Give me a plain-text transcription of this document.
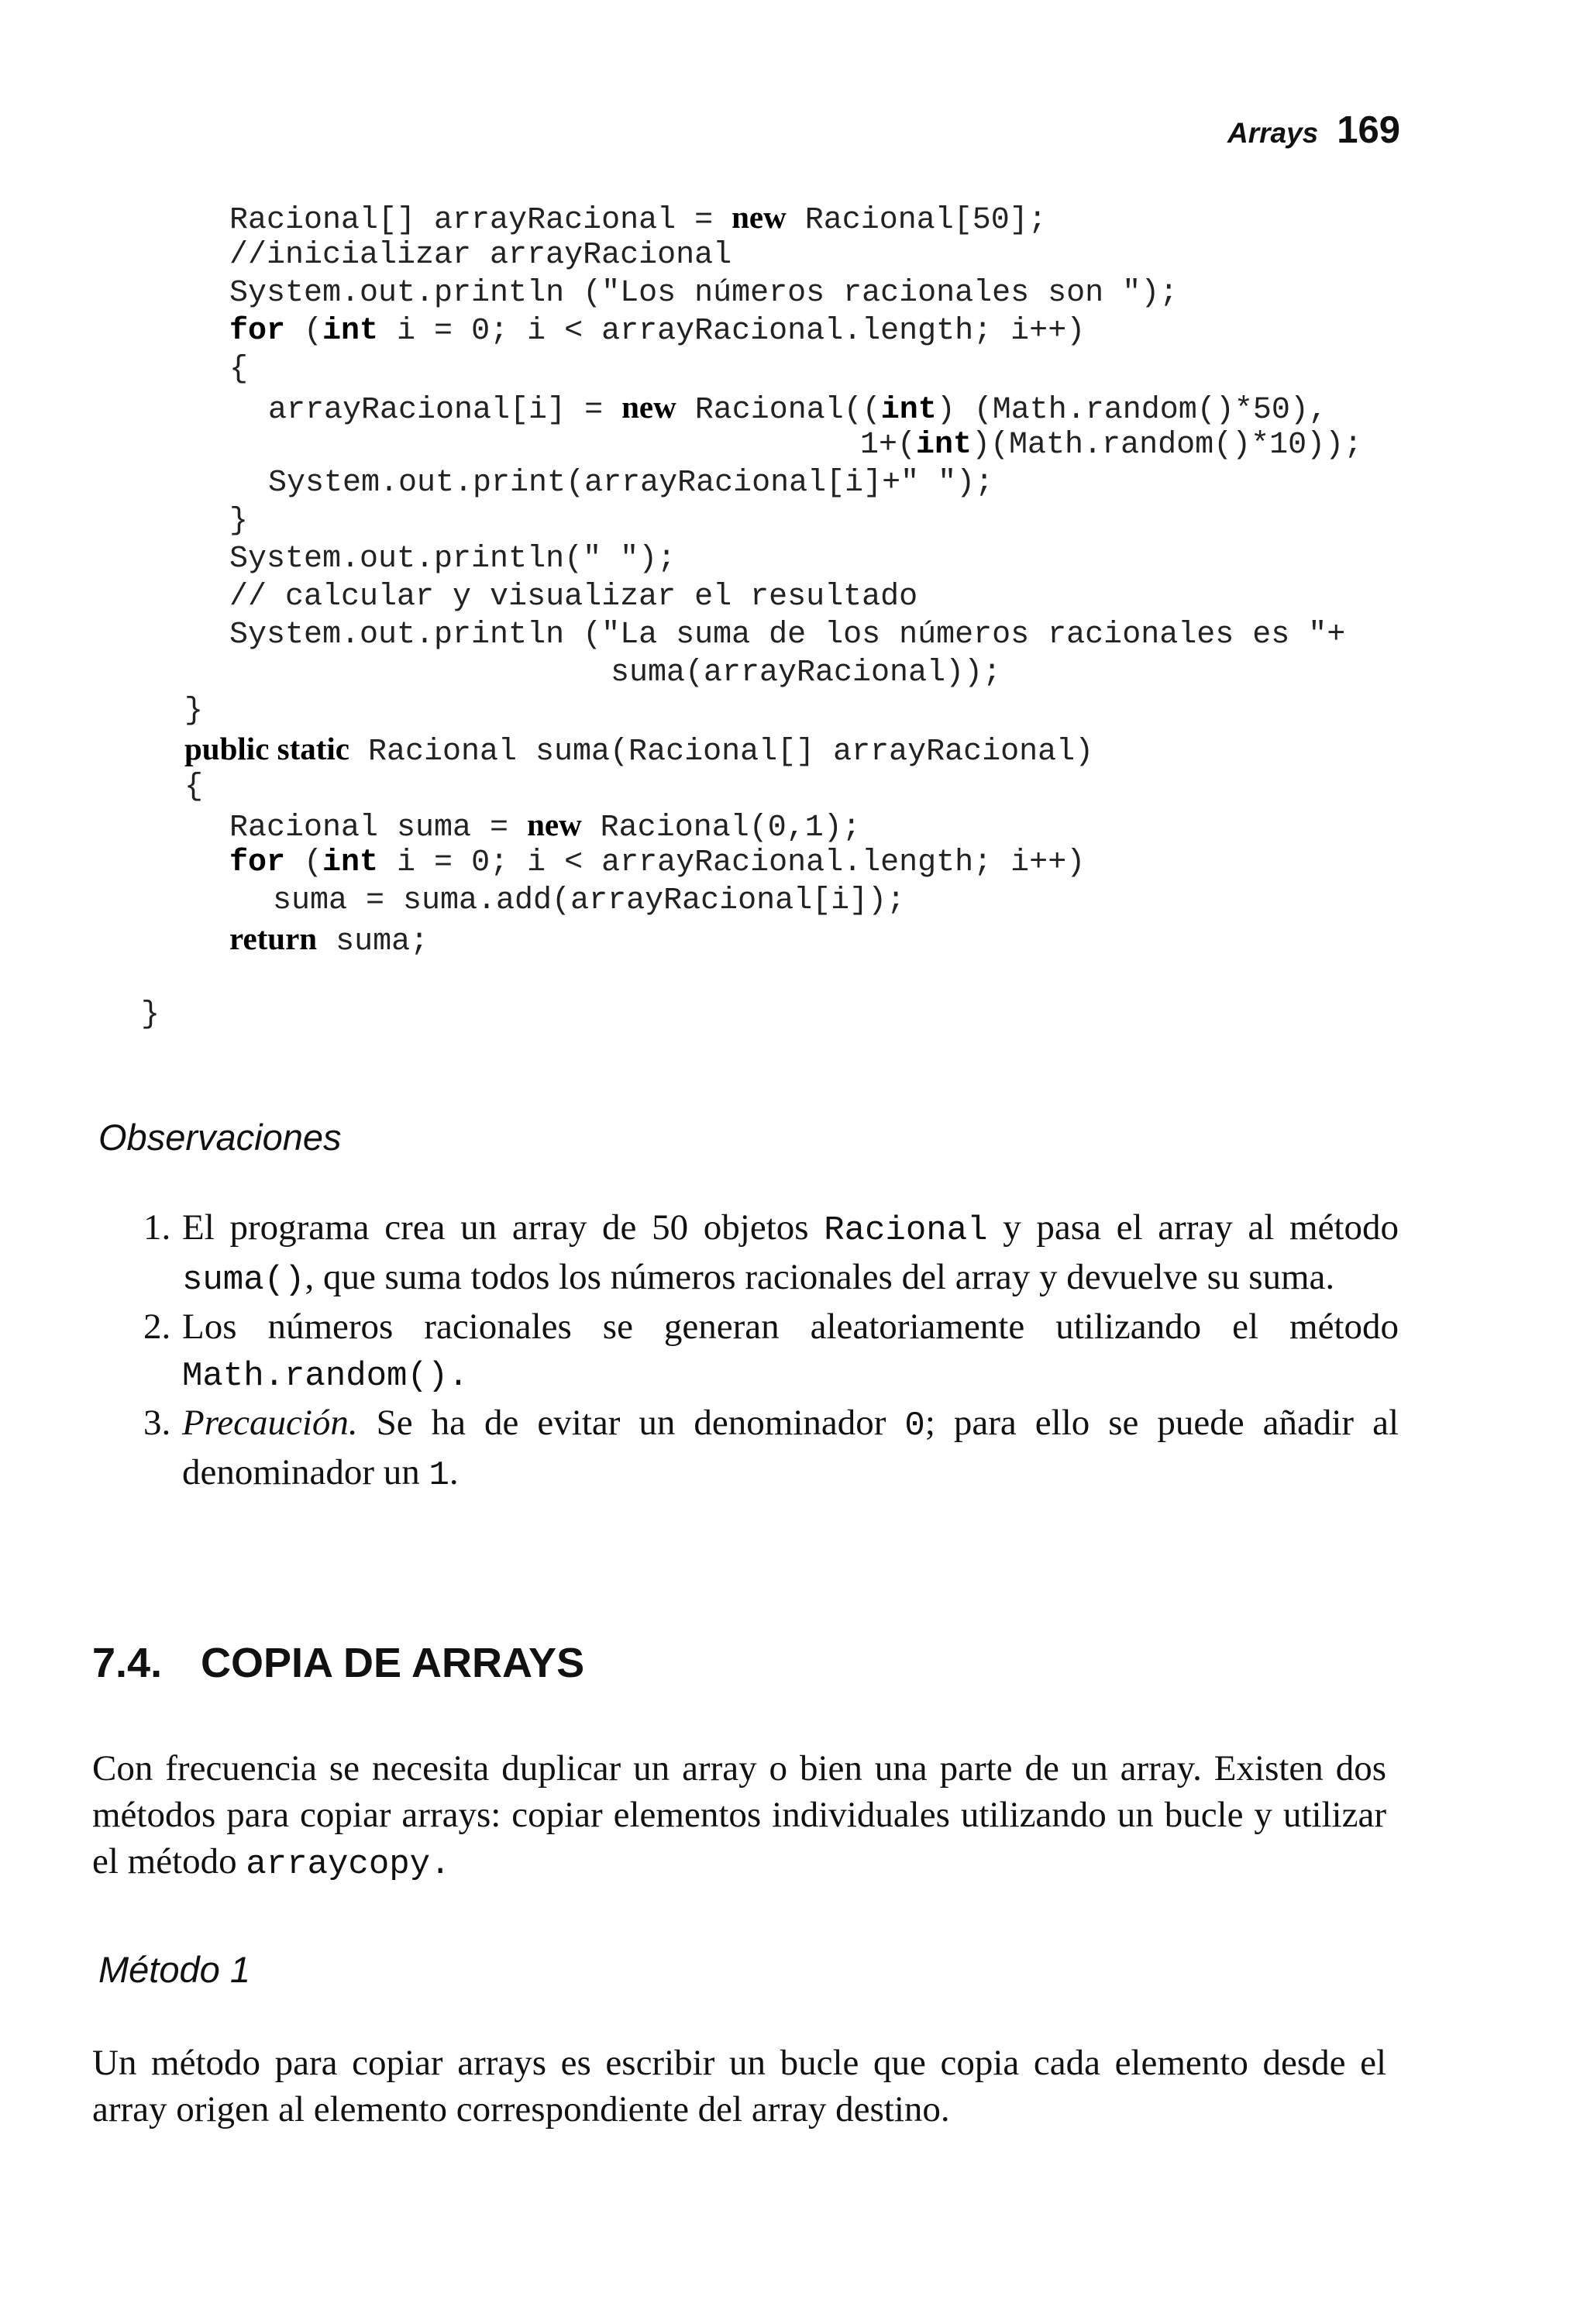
Arrays 169
Racional[] arrayRacional = new Racional[50];
//inicializar arrayRacional
System.out.println ("Los números racionales son ");
for (int i = 0; i < arrayRacional.length; i++)
{
arrayRacional[i] = new Racional((int) (Math.random()*50),
1+(int)(Math.random()*10));
System.out.print(arrayRacional[i]+" ");
}
System.out.println(" ");
// calcular y visualizar el resultado
System.out.println ("La suma de los números racionales es "+
suma(arrayRacional));
}
public static Racional suma(Racional[] arrayRacional)
{
Racional suma = new Racional(0,1);
for (int i = 0; i < arrayRacional.length; i++)
suma = suma.add(arrayRacional[i]);
return suma;
}
Observaciones
1. El programa crea un array de 50 objetos Racional y pasa el array al método suma(), que suma todos los números racionales del array y devuelve su suma.
2. Los números racionales se generan aleatoriamente utilizando el método Math.random().
3. Precaución. Se ha de evitar un denominador 0; para ello se puede añadir al denominador un 1.
7.4. COPIA DE ARRAYS
Con frecuencia se necesita duplicar un array o bien una parte de un array. Existen dos métodos para copiar arrays: copiar elementos individuales utilizando un bucle y utilizar el método arraycopy.
Método 1
Un método para copiar arrays es escribir un bucle que copia cada elemento desde el array origen al elemento correspondiente del array destino.
